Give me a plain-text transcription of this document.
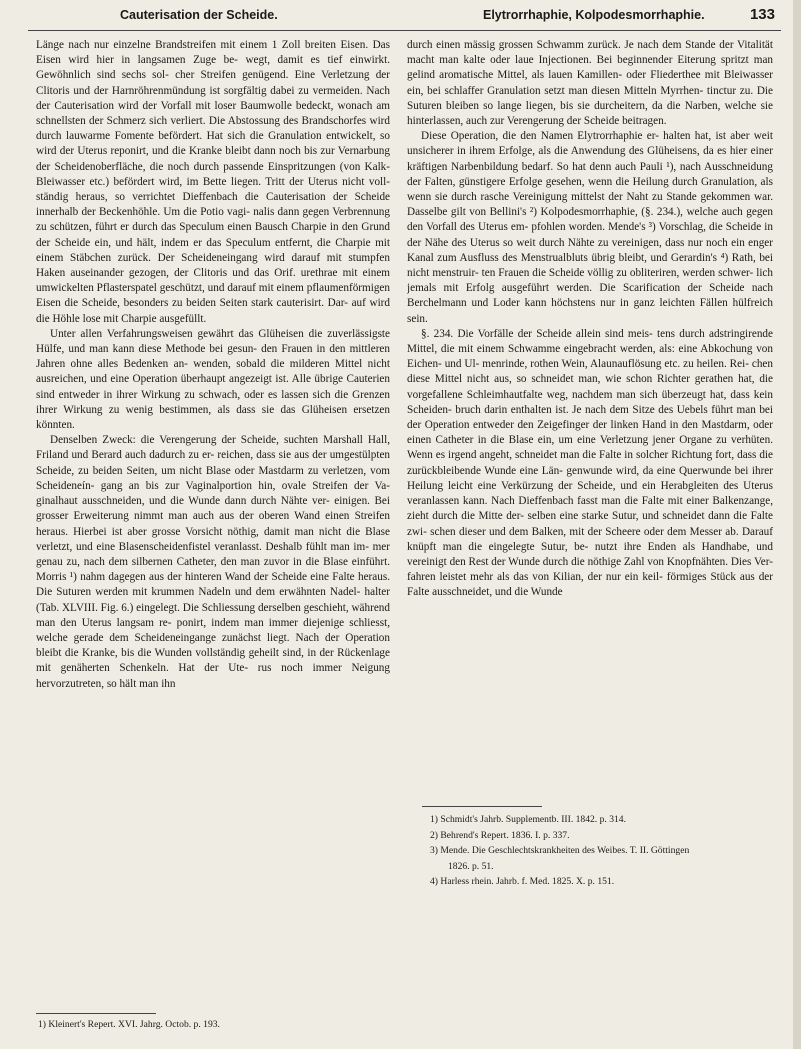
Cauterisation der Scheide.	Elytrorrhaphie, Kolpodesmorrhaphie.	133

Länge nach nur einzelne Brandstreifen mit einem 1 Zoll breiten Eisen. Das Eisen wird hier in langsamen Zuge be- wegt, damit es tief einwirkt. Gewöhnlich sind sechs sol- cher Streifen genügend. Eine Verletzung der Clitoris und der Harnröhrenmündung ist sorgfältig dabei zu vermeiden. Nach der Cauterisation wird der Vorfall mit loser Baumwolle bedeckt, wonach am schnellsten der Schmerz sich verliert. Die Abstossung des Brandschorfes wird durch lauwarme Fomente befördert. Hat sich die Granulation entwickelt, so wird der Uterus reponirt, und die Kranke bleibt dann noch bis zur Vernarbung der Scheidenoberfläche, die noch durch passende Einspritzungen (von Kalk- Bleiwasser etc.) befördert wird, im Bette liegen. Tritt der Uterus nicht voll- ständig heraus, so verrichtet Dieffenbach die Cauterisation der Scheide innerhalb der Beckenhöhle. Um die Potio vagi- nalis dann gegen Verbrennung zu schützen, führt er durch das Speculum einen Bausch Charpie in den Grund der Scheide ein, und hält, indem er das Speculum entfernt, die Charpie mit einem Stäbchen zurück. Der Scheideneingang wird darauf mit stumpfen Haken auseinander gezogen, der Clitoris und das Orif. urethrae mit einem umwickelten Pflasterspatel geschützt, und darauf mit einem pflaumenförmigen Eisen die Scheide, besonders zu beiden Seiten stark cauterisirt. Dar- auf wird die Höhle lose mit Charpie ausgefüllt.

Unter allen Verfahrungsweisen gewährt das Glüheisen die zuverlässigste Hülfe, und man kann diese Methode bei gesun- den Frauen in den mittleren Jahren ohne alles Bedenken an- wenden, sobald die milderen Mittel nicht ausreichen, und eine Operation überhaupt angezeigt ist. Alle übrige Cauterien sind entweder in ihrer Wirkung zu schwach, oder es lassen sich die Grenzen ihrer Wirkung zu wenig bestimmen, als dass sie das Glüheisen ersetzen könnten.

Denselben Zweck: die Verengerung der Scheide, suchten Marshall Hall, Friland und Berard auch dadurch zu er- reichen, dass sie aus der umgestülpten Scheide, zu beiden Seiten, um nicht Blase oder Mastdarm zu verletzen, vom Scheideneín- gang an bis zur Vaginalportion hin, ovale Streifen der Va- ginalhaut ausschneiden, und die Wunde dann durch Nähte ver- einigen. Bei grosser Erweiterung nimmt man auch aus der oberen Wand einen Streifen heraus. Hierbei ist aber grosse Vorsicht nöthig, damit man nicht die Blase verletzt, und eine Blasenscheidenfistel veranlasst. Deshalb fühlt man im- mer genau zu, nach dem silbernen Catheter, den man zuvor in die Blase einführt. Morris ¹) nahm dagegen aus der hinteren Wand der Scheide eine Falte heraus. Die Suturen werden mit krummen Nadeln und dem erwähnten Nadel- halter (Tab. XLVIII. Fig. 6.) eingelegt. Die Schliessung derselben geschieht, während man den Uterus langsam re- ponirt, indem man immer diejenige schliesst, welche gerade dem Scheideneingange zunächst liegt. Nach der Operation bleibt die Kranke, bis die Wunden vollständig geheilt sind, in der Rückenlage mit genäherten Schenkeln. Hat der Ute- rus noch immer Neigung hervorzutreten, so hält man ihn

1) Kleinert's Repert. XVI. Jahrg. Octob. p. 193.

durch einen mässig grossen Schwamm zurück. Je nach dem Stande der Vitalität macht man kalte oder laue Injectionen. Bei beginnender Eiterung spritzt man gelind aromatische Mittel, als lauen Kamillen- oder Fliederthee mit Bleiwasser ein, bei schlaffer Granulation setzt man diesen Mitteln Myrrhen- tinctur zu. Die Suturen bleiben so lange liegen, bis sie durcheitern, da die Narben, welche sie hinterlassen, auch zur Verengerung der Scheide beitragen.

Diese Operation, die den Namen Elytrorrhaphie er- halten hat, ist aber weit unsicherer in ihrem Erfolge, als die Anwendung des Glüheisens, da es hier einer kräftigen Narbenbildung bedarf. So hat denn auch Pauli ¹), nach Ausschneidung der Falten, günstigere Erfolge gesehen, wenn die Heilung durch Granulation, als wenn sie durch rasche Vereinigung mittelst der Naht zu Stande gekommen war. Dasselbe gilt von Bellini's ²) Kolpodesmorrhaphie, (§. 234.), welche auch gegen den Vorfall des Uterus em- pfohlen worden. Mende's ³) Vorschlag, die Scheide in der Nähe des Uterus so weit durch Nähte zu vereinigen, dass nur noch ein enger Kanal zum Ausfluss des Menstrualbluts übrig bleibt, und Gerardin's ⁴) Rath, bei nicht menstruir- ten Frauen die Scheide völlig zu obliteriren, werden schwer- lich jemals mit Erfolg ausgeführt werden. Die Scarification der Scheide nach Berchelmann und Loder kann höchstens nur in ganz leichten Fällen hülfreich sein.

§. 234. Die Vorfälle der Scheide allein sind meis- tens durch adstringirende Mittel, die mit einem Schwamme eingebracht werden, als: eine Abkochung von Eichen- und Ul- menrinde, rothen Wein, Alaunauflösung etc. zu heilen. Rei- chen diese Mittel nicht aus, so schneidet man, wie schon Richter gerathen hat, die vorgefallene Schleimhautfalte weg, nachdem man sich überzeugt hat, dass kein Scheiden- bruch darin enthalten ist. Je nach dem Sitze des Uebels führt man bei der Operation entweder den Zeigefinger der linken Hand in den Mastdarm, oder einen Catheter in die Blase ein, um eine Verletzung jener Organe zu verhüten. Wenn es irgend angeht, schneidet man die Falte in solcher Richtung fort, dass die zurückbleibende Wunde eine Län- genwunde wird, da eine Querwunde bei ihrer Heilung leicht eine Verkürzung der Scheide, und ein Herabgleiten des Uterus veranlassen kann. Nach Dieffenbach fasst man die Falte mit einer Balkenzange, zieht durch die Mitte der- selben eine starke Sutur, und schneidet dann die Falte zwi- schen dieser und dem Balken, mit der Scheere oder dem Messer ab. Darauf knüpft man die eingelegte Sutur, be- nutzt ihre Enden als Handhabe, und vereinigt den Rest der Wunde durch die nöthige Zahl von Knopfnähten. Dies Ver- fahren leistet mehr als das von Kilian, der nur ein keil- förmiges Stück aus der Falte ausschneidet, und die Wunde

1) Schmidt's Jahrb. Supplementb. III. 1842. p. 314.
2) Behrend's Repert. 1836. I. p. 337.
3) Mende. Die Geschlechtskrankheiten des Weibes. T. II. Göttingen
1826. p. 51.
4) Harless rhein. Jahrb. f. Med. 1825. X. p. 151.
